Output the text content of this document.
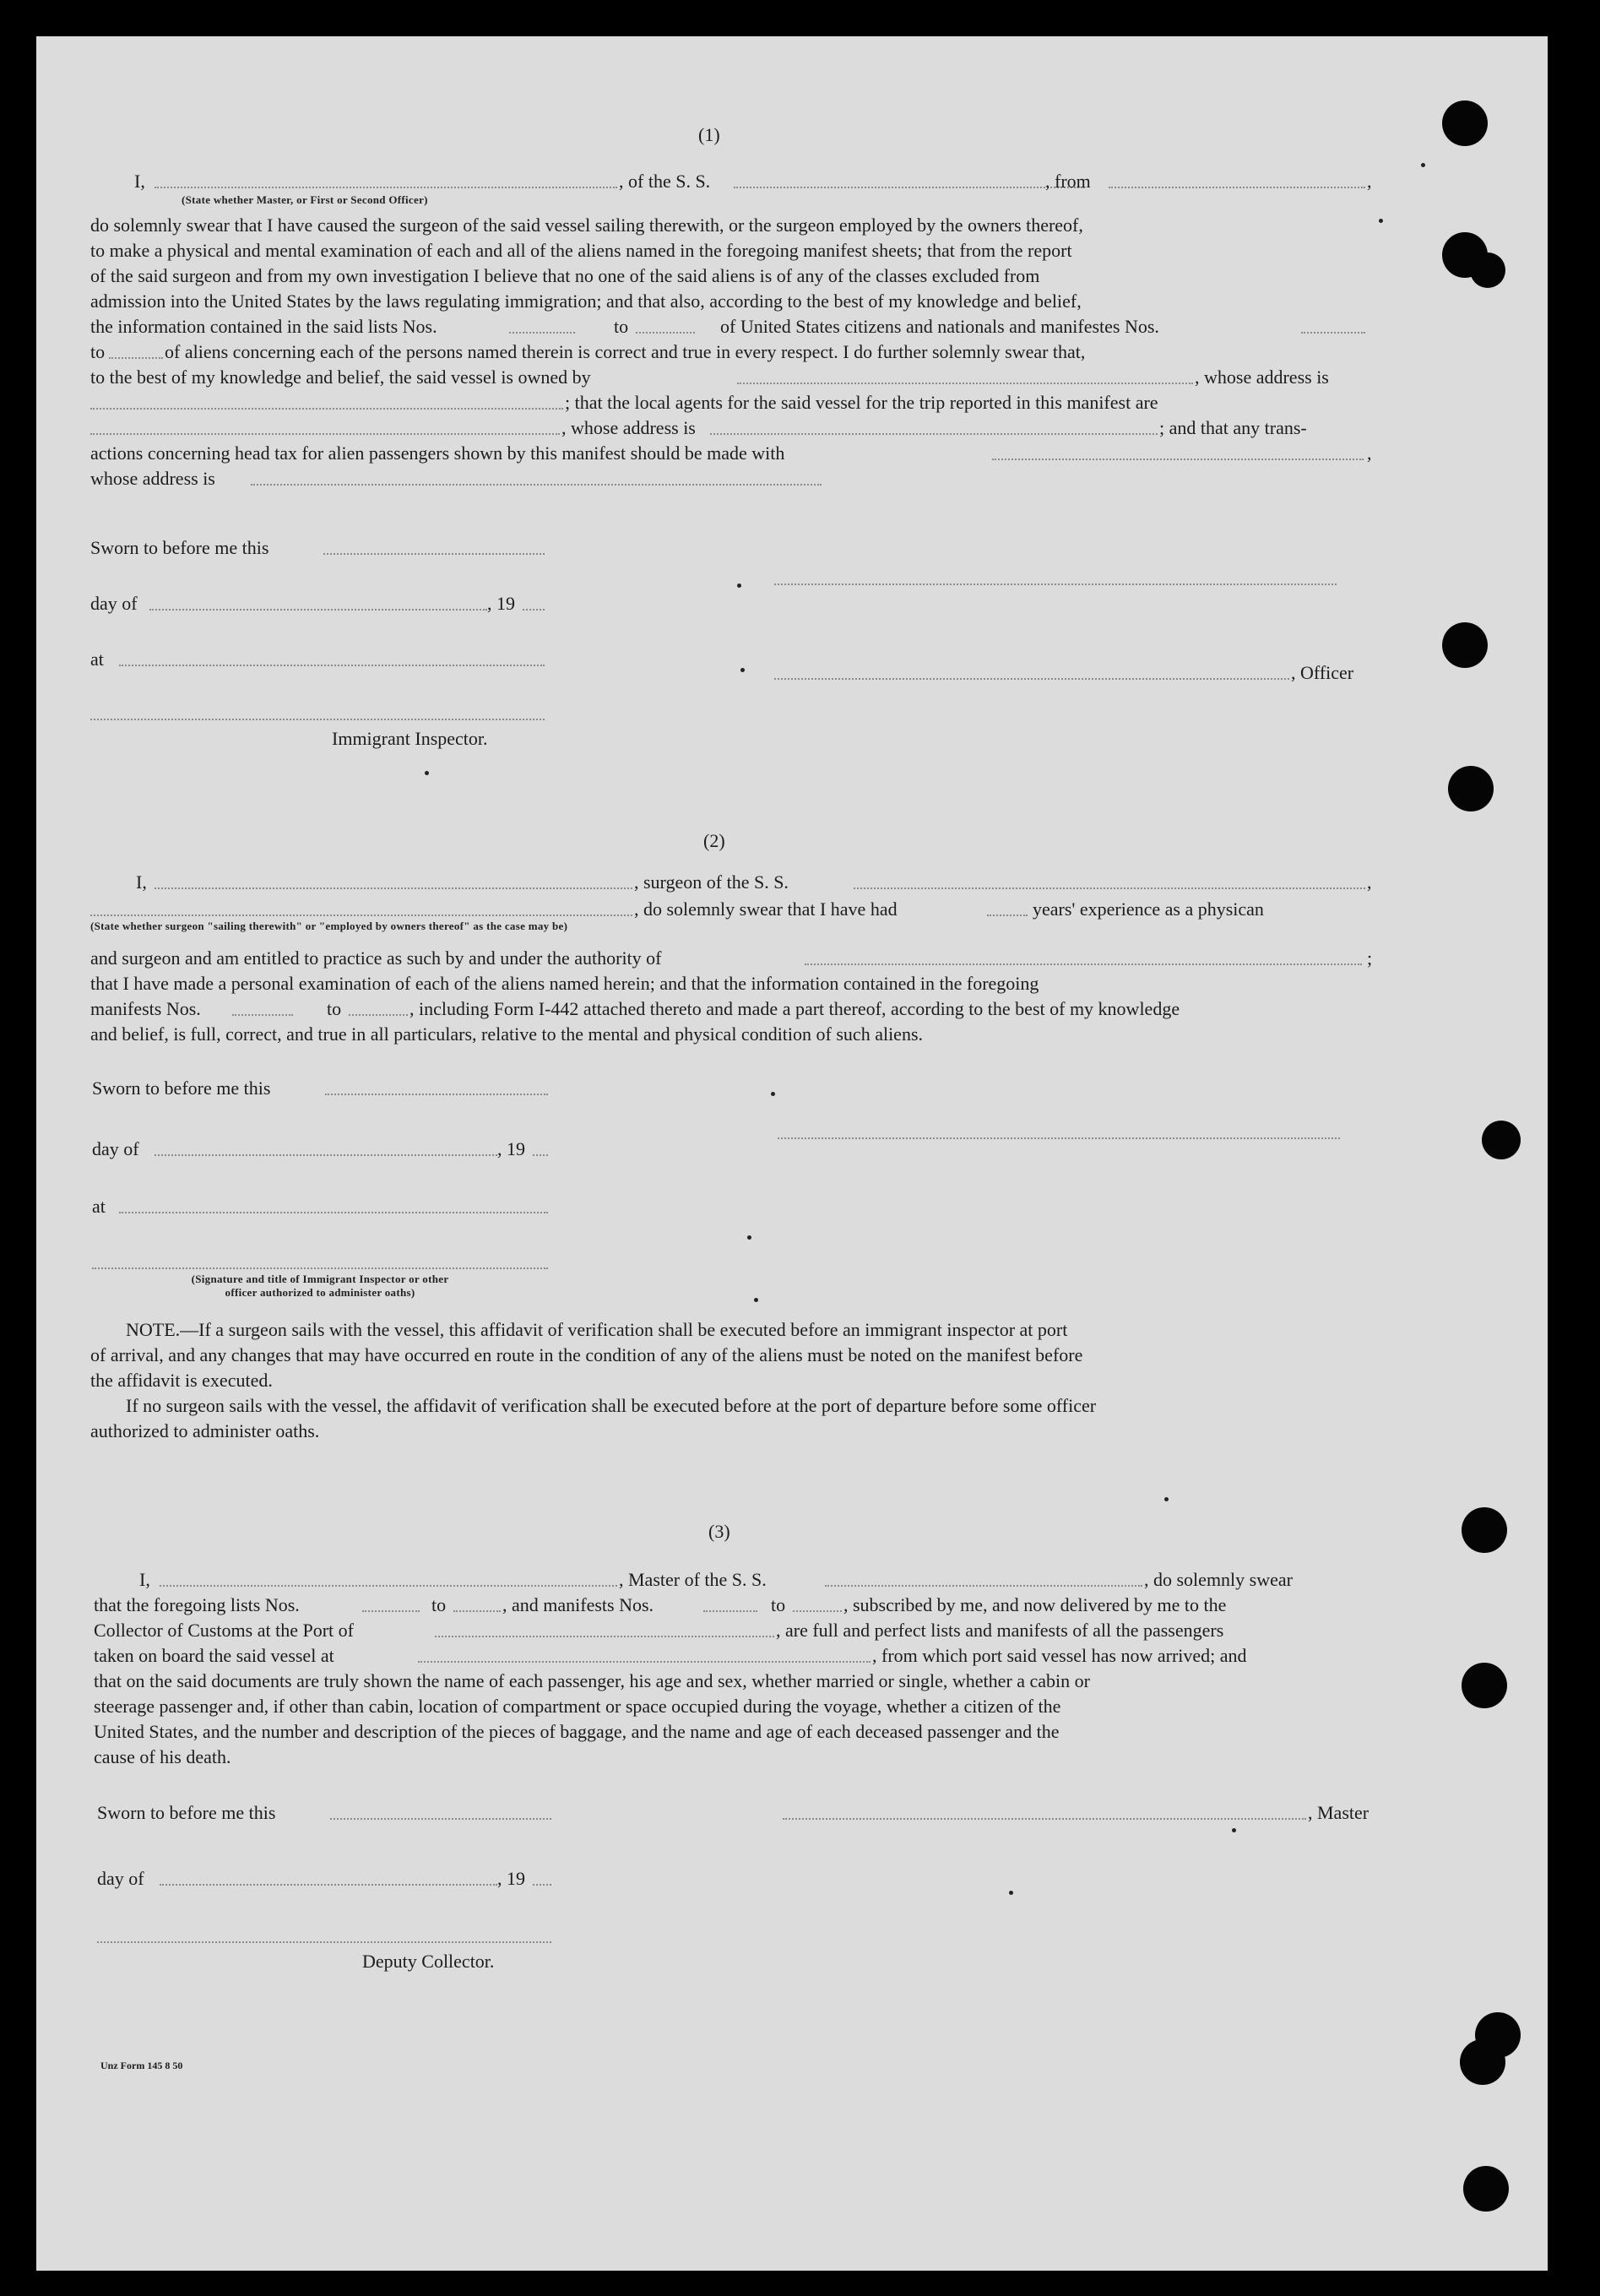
(1)
I,	, of the S. S.	, from	,
(State whether Master, or First or Second Officer)
do solemnly swear that I have caused the surgeon of the said vessel sailing therewith, or the surgeon employed by the owners thereof,
to make a physical and mental examination of each and all of the aliens named in the foregoing manifest sheets; that from the report
of the said surgeon and from my own investigation I believe that no one of the said aliens is of any of the classes excluded from
admission into the United States by the laws regulating immigration; and that also, according to the best of my knowledge and belief,
the information contained in the said lists Nos.	to	of United States citizens and nationals and manifestes Nos.
to	of aliens concerning each of the persons named therein is correct and true in every respect. I do further solemnly swear that,
to the best of my knowledge and belief, the said vessel is owned by	, whose address is
; that the local agents for the said vessel for the trip reported in this manifest are
, whose address is	; and that any trans-
actions concerning head tax for alien passengers shown by this manifest should be made with	,
whose address is
Sworn to before me this
day of	, 19
at
, Officer
Immigrant Inspector.
(2)
I,	, surgeon of the S. S.	,
, do solemnly swear that I have had	years' experience as a physican
(State whether surgeon "sailing therewith" or "employed by owners thereof" as the case may be)
and surgeon and am entitled to practice as such by and under the authority of	;
that I have made a personal examination of each of the aliens named herein; and that the information contained in the foregoing
manifests Nos.	to	, including Form I-442 attached thereto and made a part thereof, according to the best of my knowledge
and belief, is full, correct, and true in all particulars, relative to the mental and physical condition of such aliens.
Sworn to before me this
day of	, 19
at
(Signature and title of Immigrant Inspector or other
officer authorized to administer oaths)
NOTE.—If a surgeon sails with the vessel, this affidavit of verification shall be executed before an immigrant inspector at port
of arrival, and any changes that may have occurred en route in the condition of any of the aliens must be noted on the manifest before
the affidavit is executed.
If no surgeon sails with the vessel, the affidavit of verification shall be executed before at the port of departure before some officer
authorized to administer oaths.
(3)
I,	, Master of the S. S.	, do solemnly swear
that the foregoing lists Nos.	to	, and manifests Nos.	to	, subscribed by me, and now delivered by me to the
Collector of Customs at the Port of	, are full and perfect lists and manifests of all the passengers
taken on board the said vessel at	, from which port said vessel has now arrived; and
that on the said documents are truly shown the name of each passenger, his age and sex, whether married or single, whether a cabin or
steerage passenger and, if other than cabin, location of compartment or space occupied during the voyage, whether a citizen of the
United States, and the number and description of the pieces of baggage, and the name and age of each deceased passenger and the
cause of his death.
Sworn to before me this	, Master
day of	, 19
Deputy Collector.
Unz Form 145 8 50
